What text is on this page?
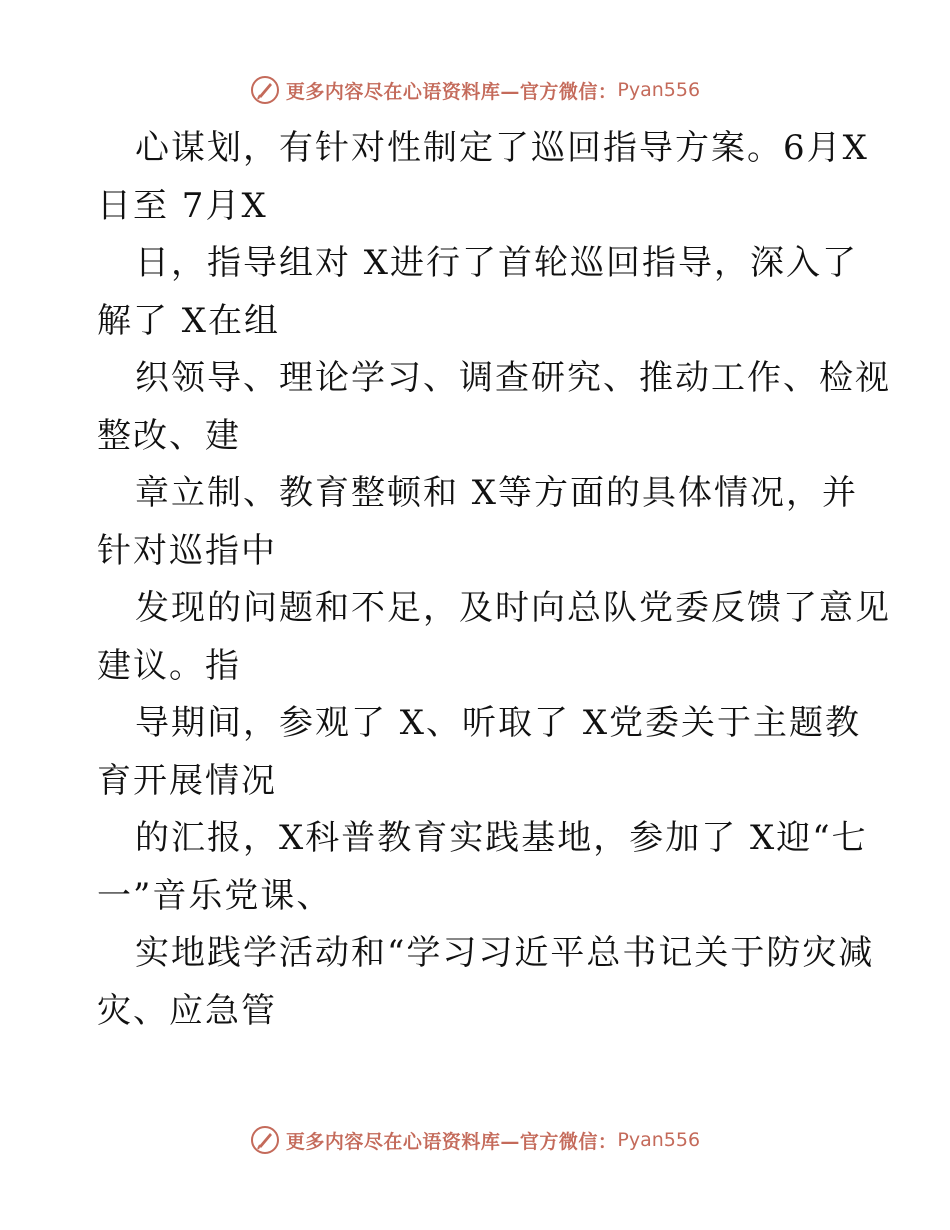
更多内容尽在心语资料库—官方微信： Pyan556
心谋划，有针对性制定了巡回指导方案。6月X
日至 7月X
日，指导组对 X进行了首轮巡回指导，深入了
解了 X在组
织领导、理论学习、调查研究、推动工作、检视
整改、建
章立制、教育整顿和 X等方面的具体情况，并
针对巡指中
发现的问题和不足，及时向总队党委反馈了意见
建议。指
导期间，参观了 X、听取了 X党委关于主题教
育开展情况
的汇报，X科普教育实践基地，参加了 X迎“七
一”音乐党课、
实地践学活动和“学习习近平总书记关于防灾减
灾、应急管
更多内容尽在心语资料库—官方微信： Pyan556
